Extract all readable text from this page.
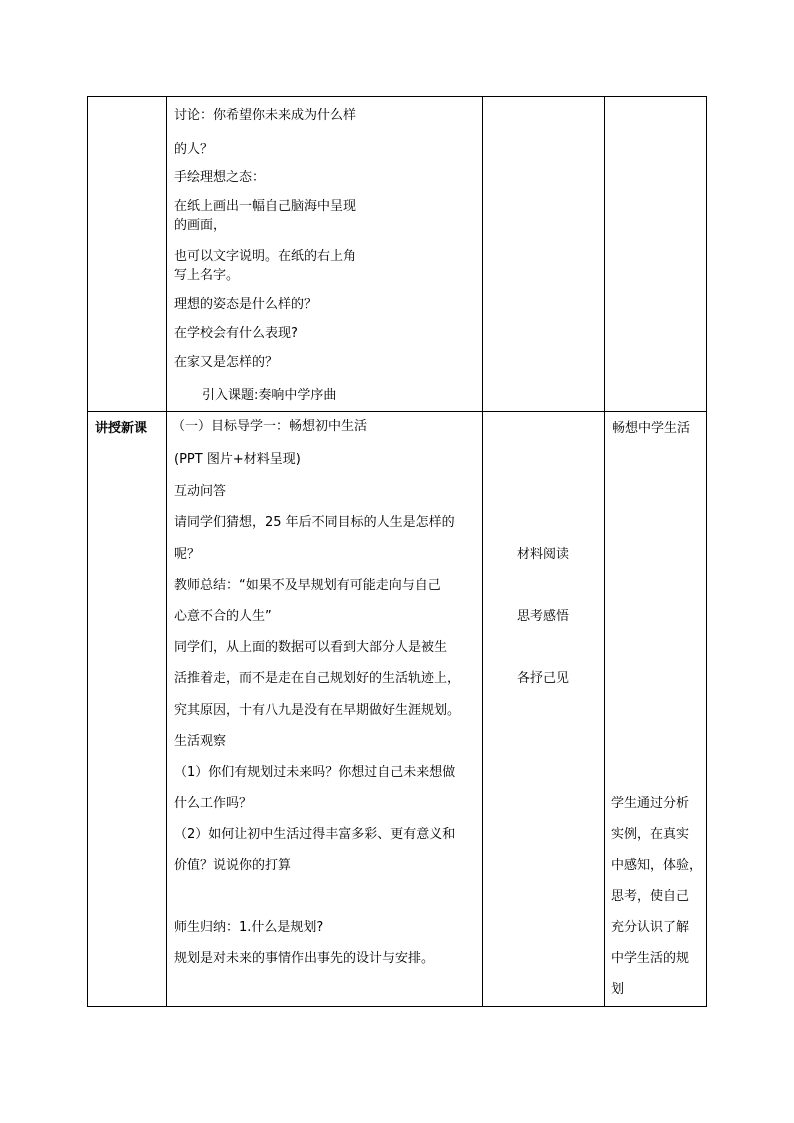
讨论：你希望你未来成为什么样
的人？
手绘理想之态：
在纸上画出一幅自己脑海中呈现
的画面，
也可以文字说明。在纸的右上角
写上名字。
理想的姿态是什么样的？
在学校会有什么表现?
在家又是怎样的？
引入课题:奏响中学序曲
讲授新课 （一）目标导学一：畅想初中生活
(PPT 图片+材料呈现)
互动问答
请同学们猜想，25 年后不同目标的人生是怎样的
呢？
教师总结：“如果不及早规划有可能走向与自己
心意不合的人生”
同学们，从上面的数据可以看到大部分人是被生
活推着走，而不是走在自己规划好的生活轨迹上，
究其原因，十有八九是没有在早期做好生涯规划。
生活观察
（1）你们有规划过未来吗？你想过自己未来想做
什么工作吗？
（2）如何让初中生活过得丰富多彩、更有意义和
价值？说说你的打算
师生归纳：1.什么是规划?
规划是对未来的事情作出事先的设计与安排。
材料阅读
思考感悟
各抒己见
畅想中学生活
学生通过分析
实例，在真实
中感知，体验，
思考，使自己
充分认识了解
中学生活的规
划
